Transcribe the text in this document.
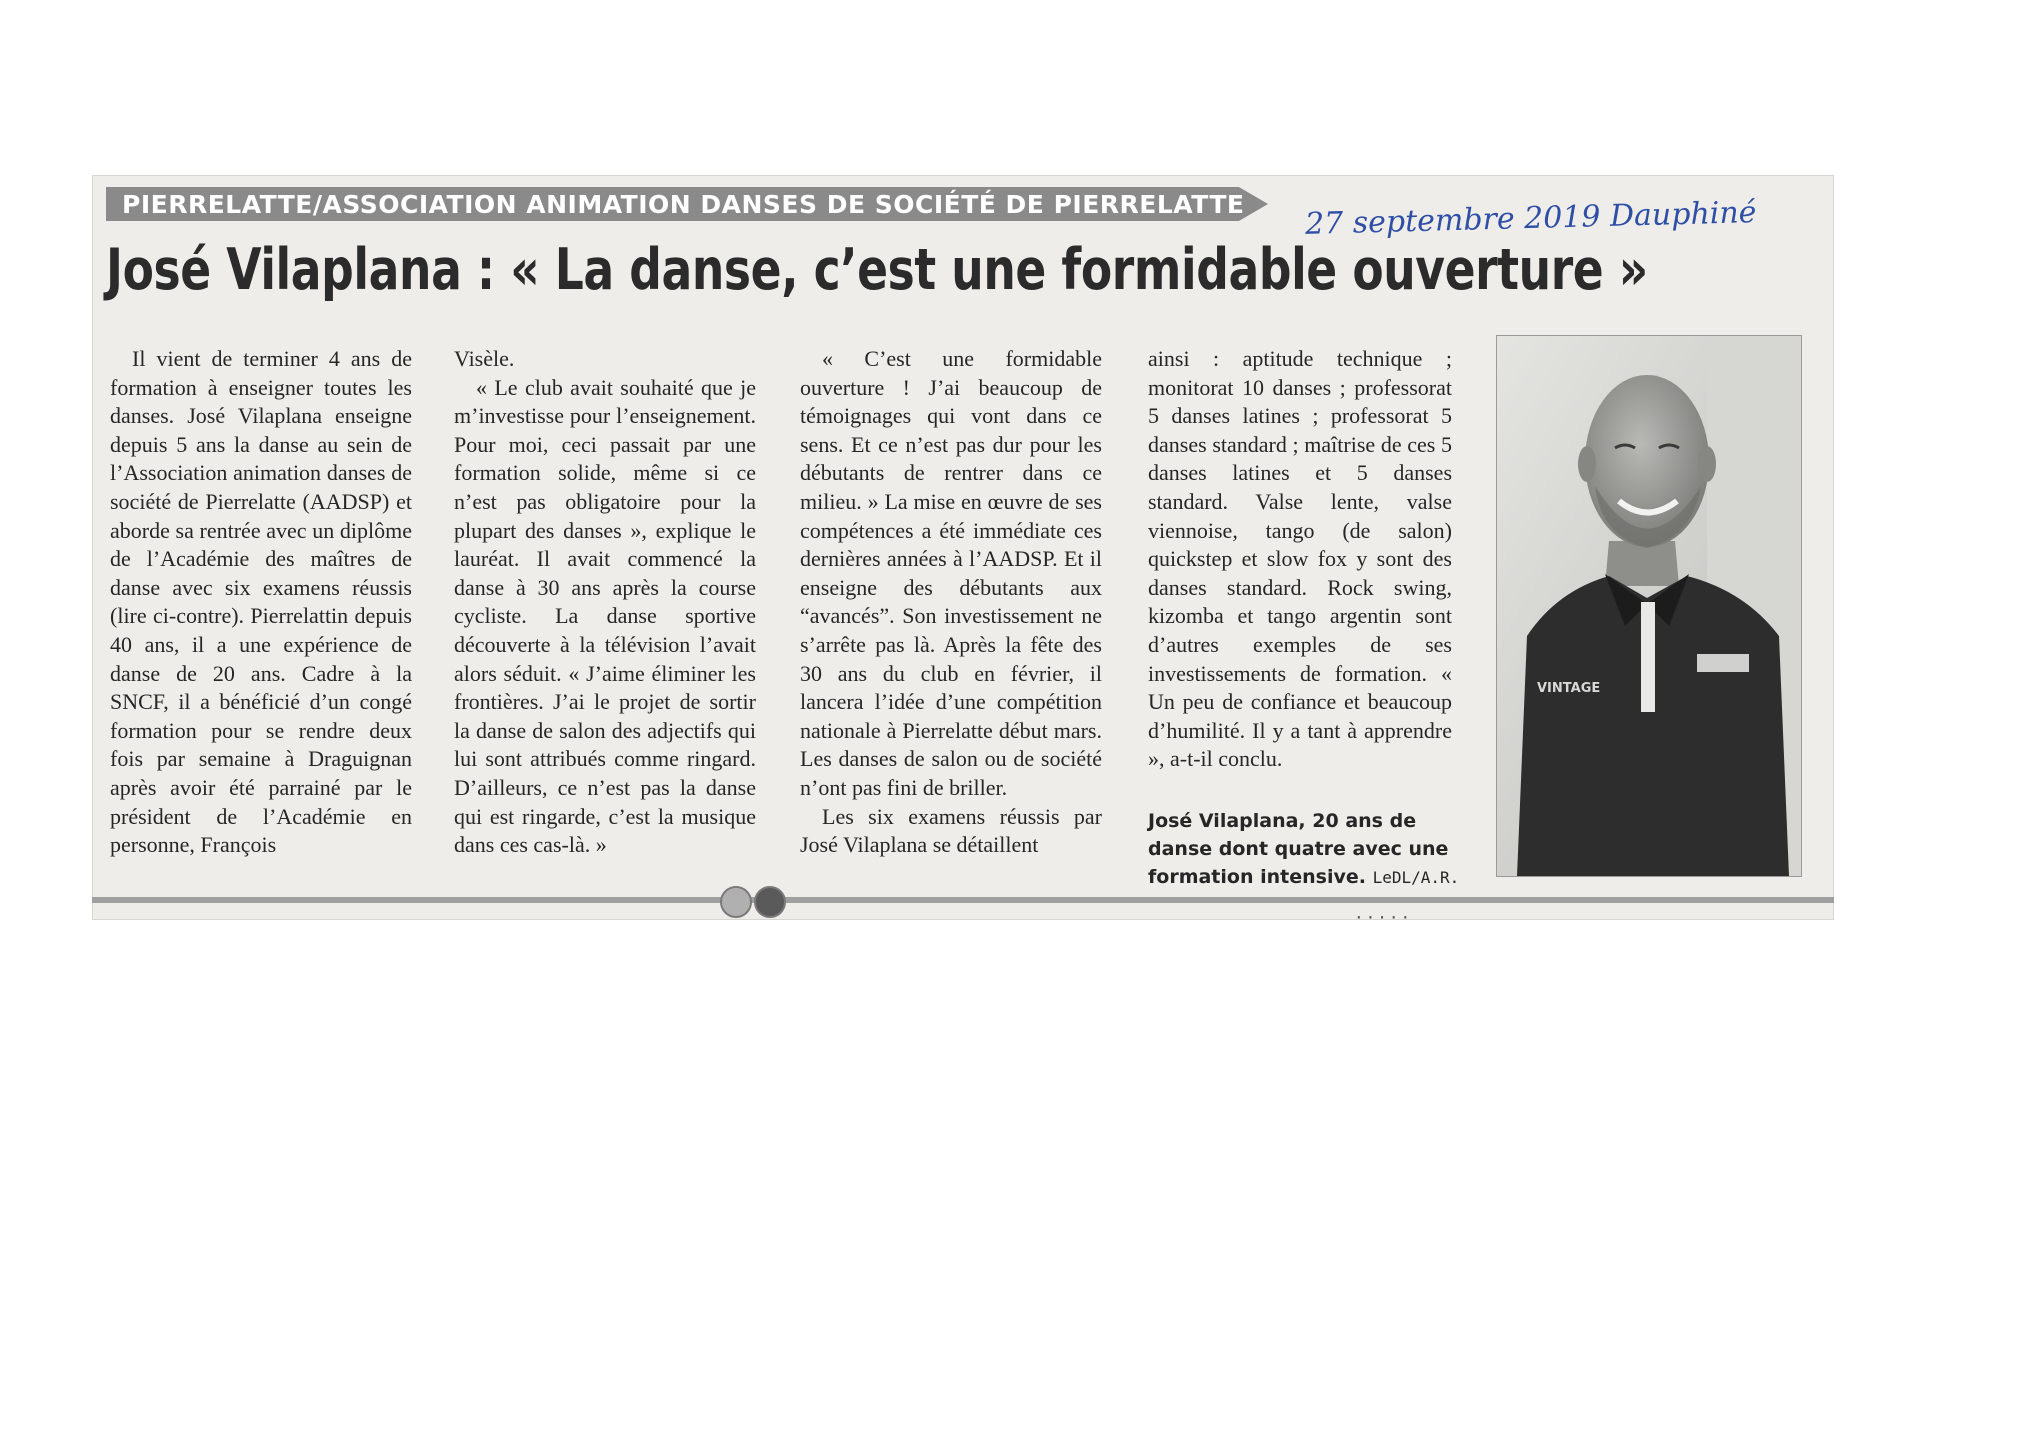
PIERRELATTE/ASSOCIATION ANIMATION DANSES DE SOCIÉTÉ DE PIERRELATTE 27 septembre 2019 Dauphiné
José Vilaplana : « La danse, c’est une formidable ouverture »

Il vient de terminer 4 ans de formation à enseigner toutes les danses. José Vilaplana enseigne depuis 5 ans la danse au sein de l’Association animation danses de société de Pierrelatte (AADSP) et aborde sa rentrée avec un diplôme de l’Académie des maîtres de danse avec six examens réussis (lire ci-contre). Pierrelattin depuis 40 ans, il a une expérience de danse de 20 ans. Cadre à la SNCF, il a bénéficié d’un congé formation pour se rendre deux fois par semaine à Draguignan après avoir été parrainé par le président de l’Académie en personne, François

Visèle.

« Le club avait souhaité que je m’investisse pour l’enseignement. Pour moi, ceci passait par une formation solide, même si ce n’est pas obligatoire pour la plupart des danses », explique le lauréat. Il avait commencé la danse à 30 ans après la course cycliste. La danse sportive découverte à la télévision l’avait alors séduit. « J’aime éliminer les frontières. J’ai le projet de sortir la danse de salon des adjectifs qui lui sont attribués comme ringard. D’ailleurs, ce n’est pas la danse qui est ringarde, c’est la musique dans ces cas-là. »

« C’est une formidable ouverture ! J’ai beaucoup de témoignages qui vont dans ce sens. Et ce n’est pas dur pour les débutants de rentrer dans ce milieu. » La mise en œuvre de ses compétences a été immédiate ces dernières années à l’AADSP. Et il enseigne des débutants aux “avancés”. Son investissement ne s’arrête pas là. Après la fête des 30 ans du club en février, il lancera l’idée d’une compétition nationale à Pierrelatte début mars. Les danses de salon ou de société n’ont pas fini de briller.

Les six examens réussis par José Vilaplana se détaillent

ainsi : aptitude technique ; monitorat 10 danses ; professorat 5 danses latines ; professorat 5 danses standard ; maîtrise de ces 5 danses latines et 5 danses standard. Valse lente, valse viennoise, tango (de salon) quickstep et slow fox y sont des danses standard. Rock swing, kizomba et tango argentin sont d’autres exemples de ses investissements de formation. « Un peu de confiance et beaucoup d’humilité. Il y a tant à apprendre », a-t-il conclu.

José Vilaplana, 20 ans de danse dont quatre avec une formation intensive. LeDL/A.R.
VINTAGE
·····
